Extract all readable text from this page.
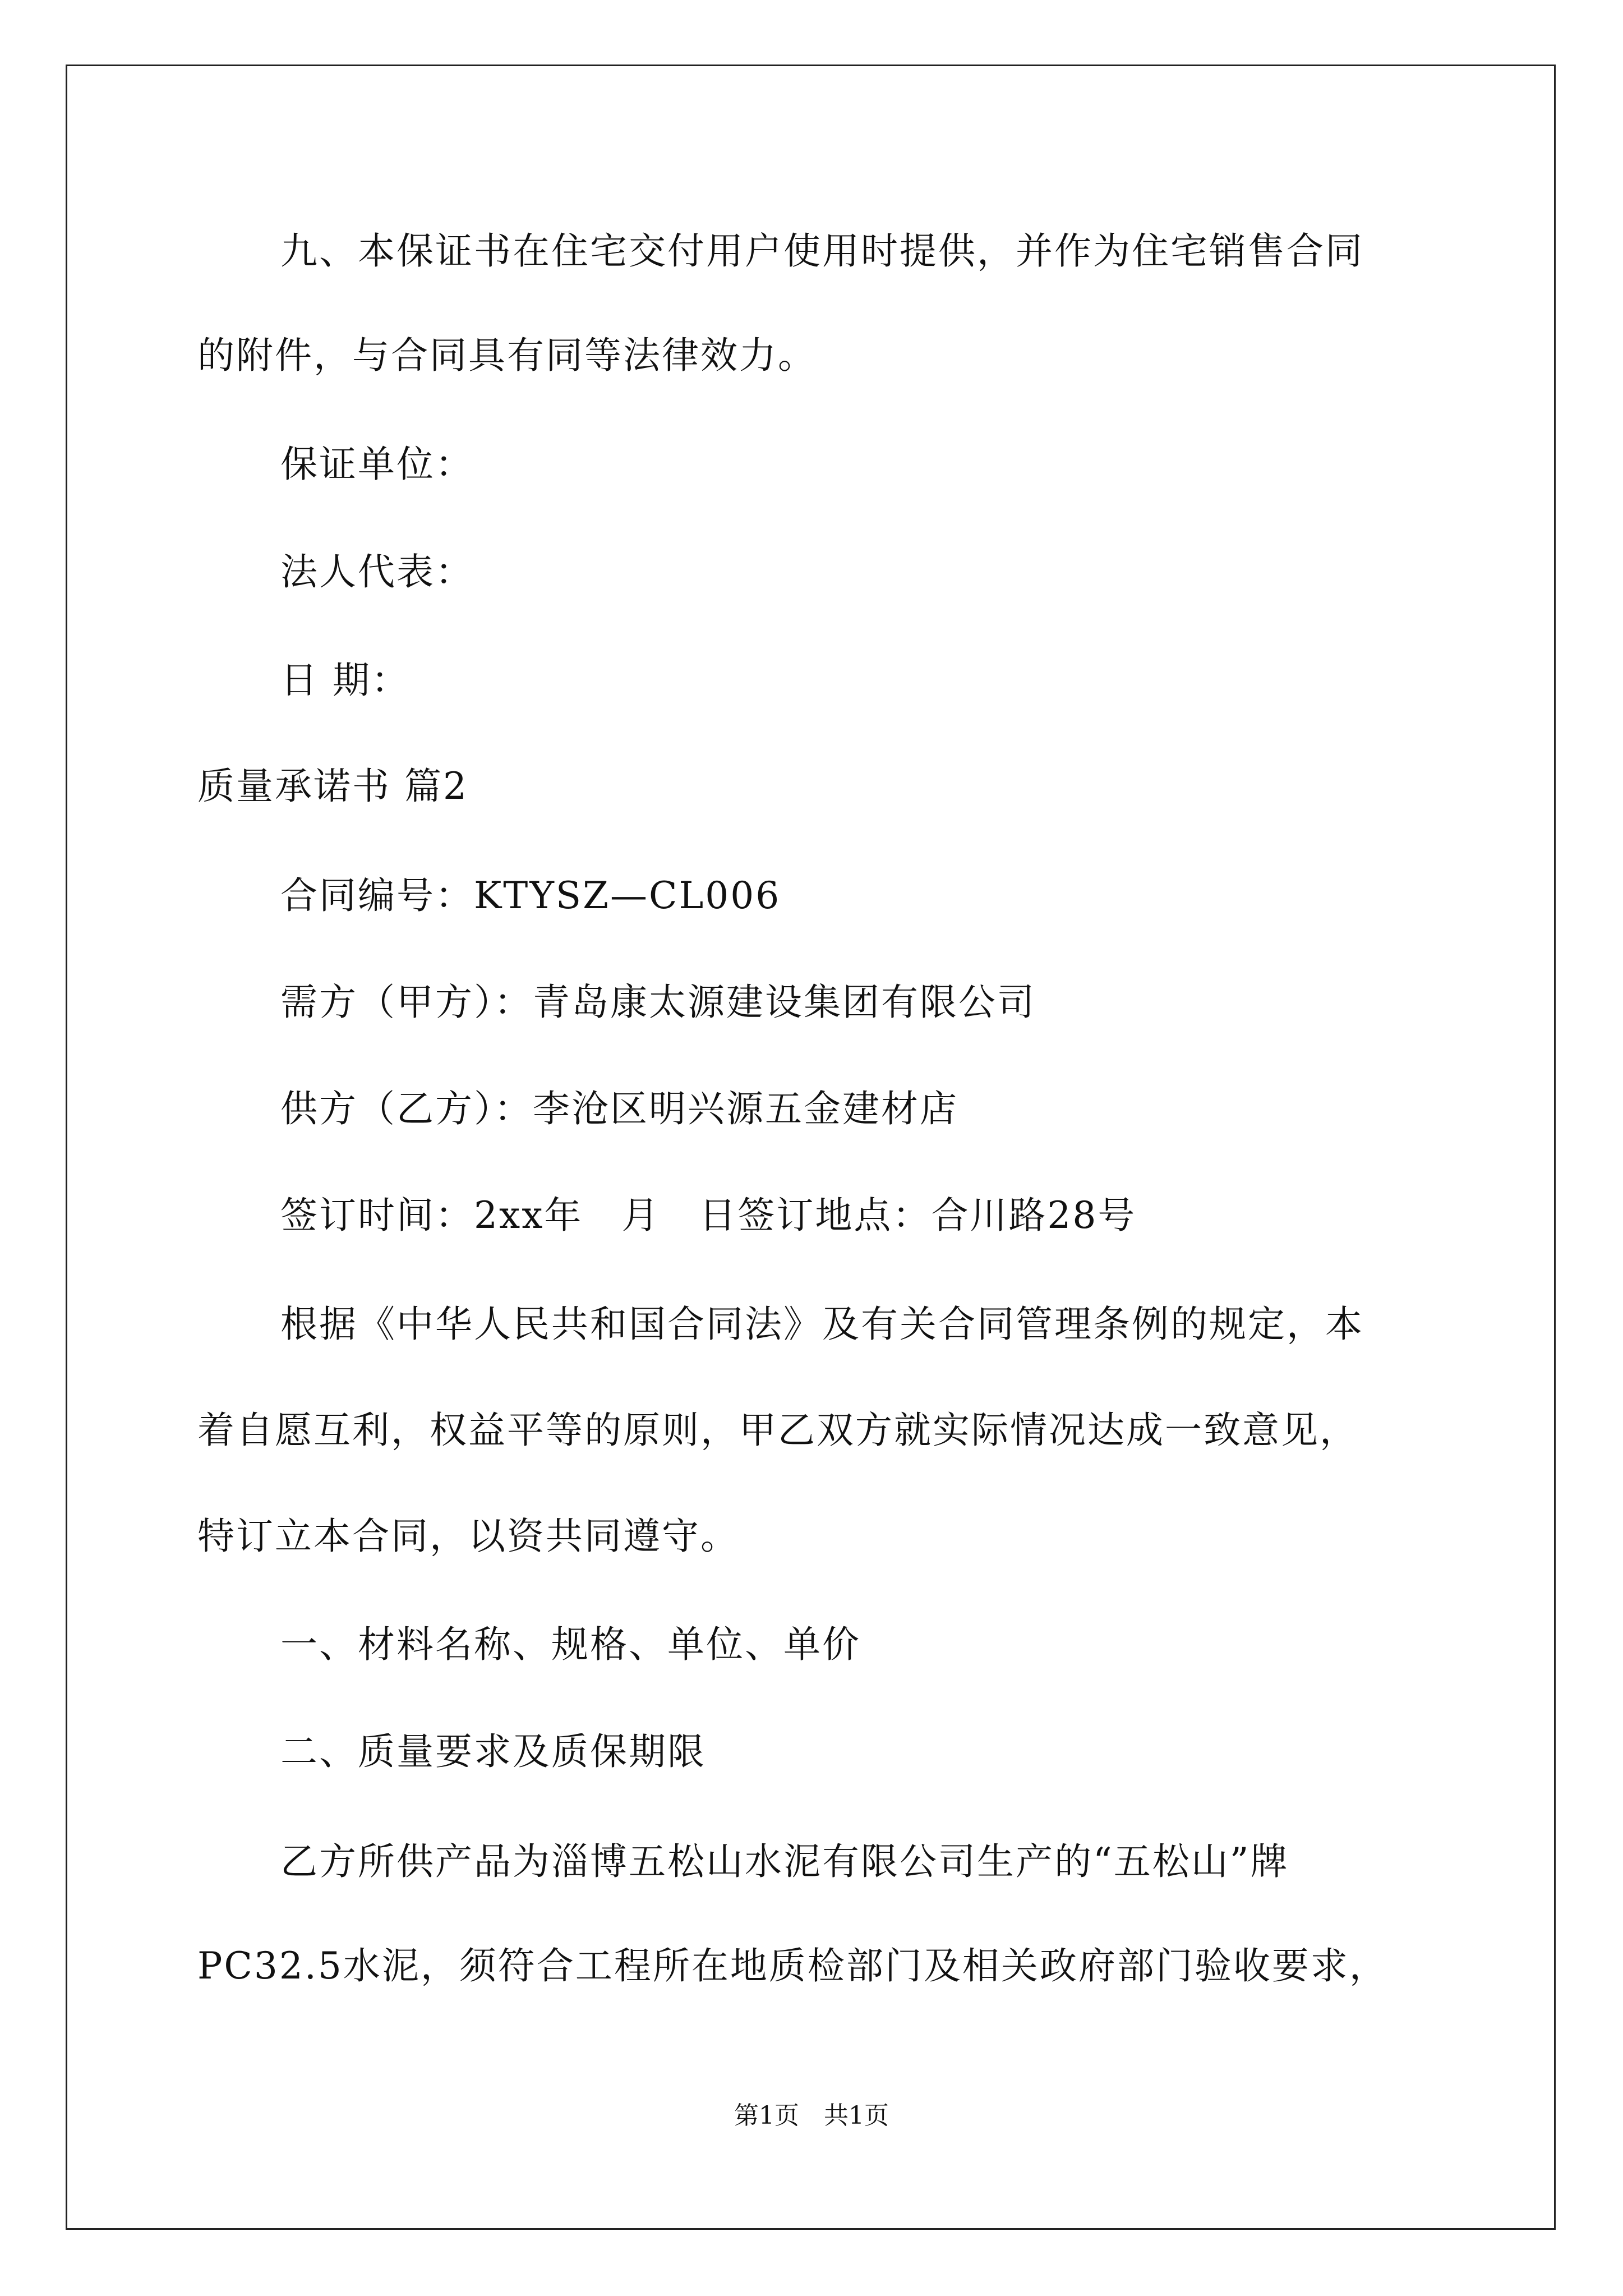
九、本保证书在住宅交付用户使用时提供，并作为住宅销售合同
的附件，与合同具有同等法律效力。
保证单位：
法人代表：
日 期：
质量承诺书 篇2
合同编号：KTYSZ—CL006
需方（甲方）：青岛康太源建设集团有限公司
供方（乙方）：李沧区明兴源五金建材店
签订时间：2xx年　月　日签订地点：合川路28号
根据《中华人民共和国合同法》及有关合同管理条例的规定，本
着自愿互利，权益平等的原则，甲乙双方就实际情况达成一致意见，
特订立本合同，以资共同遵守。
一、材料名称、规格、单位、单价
二、质量要求及质保期限
乙方所供产品为淄博五松山水泥有限公司生产的“五松山”牌
PC32.5水泥，须符合工程所在地质检部门及相关政府部门验收要求，
第1页　共1页
